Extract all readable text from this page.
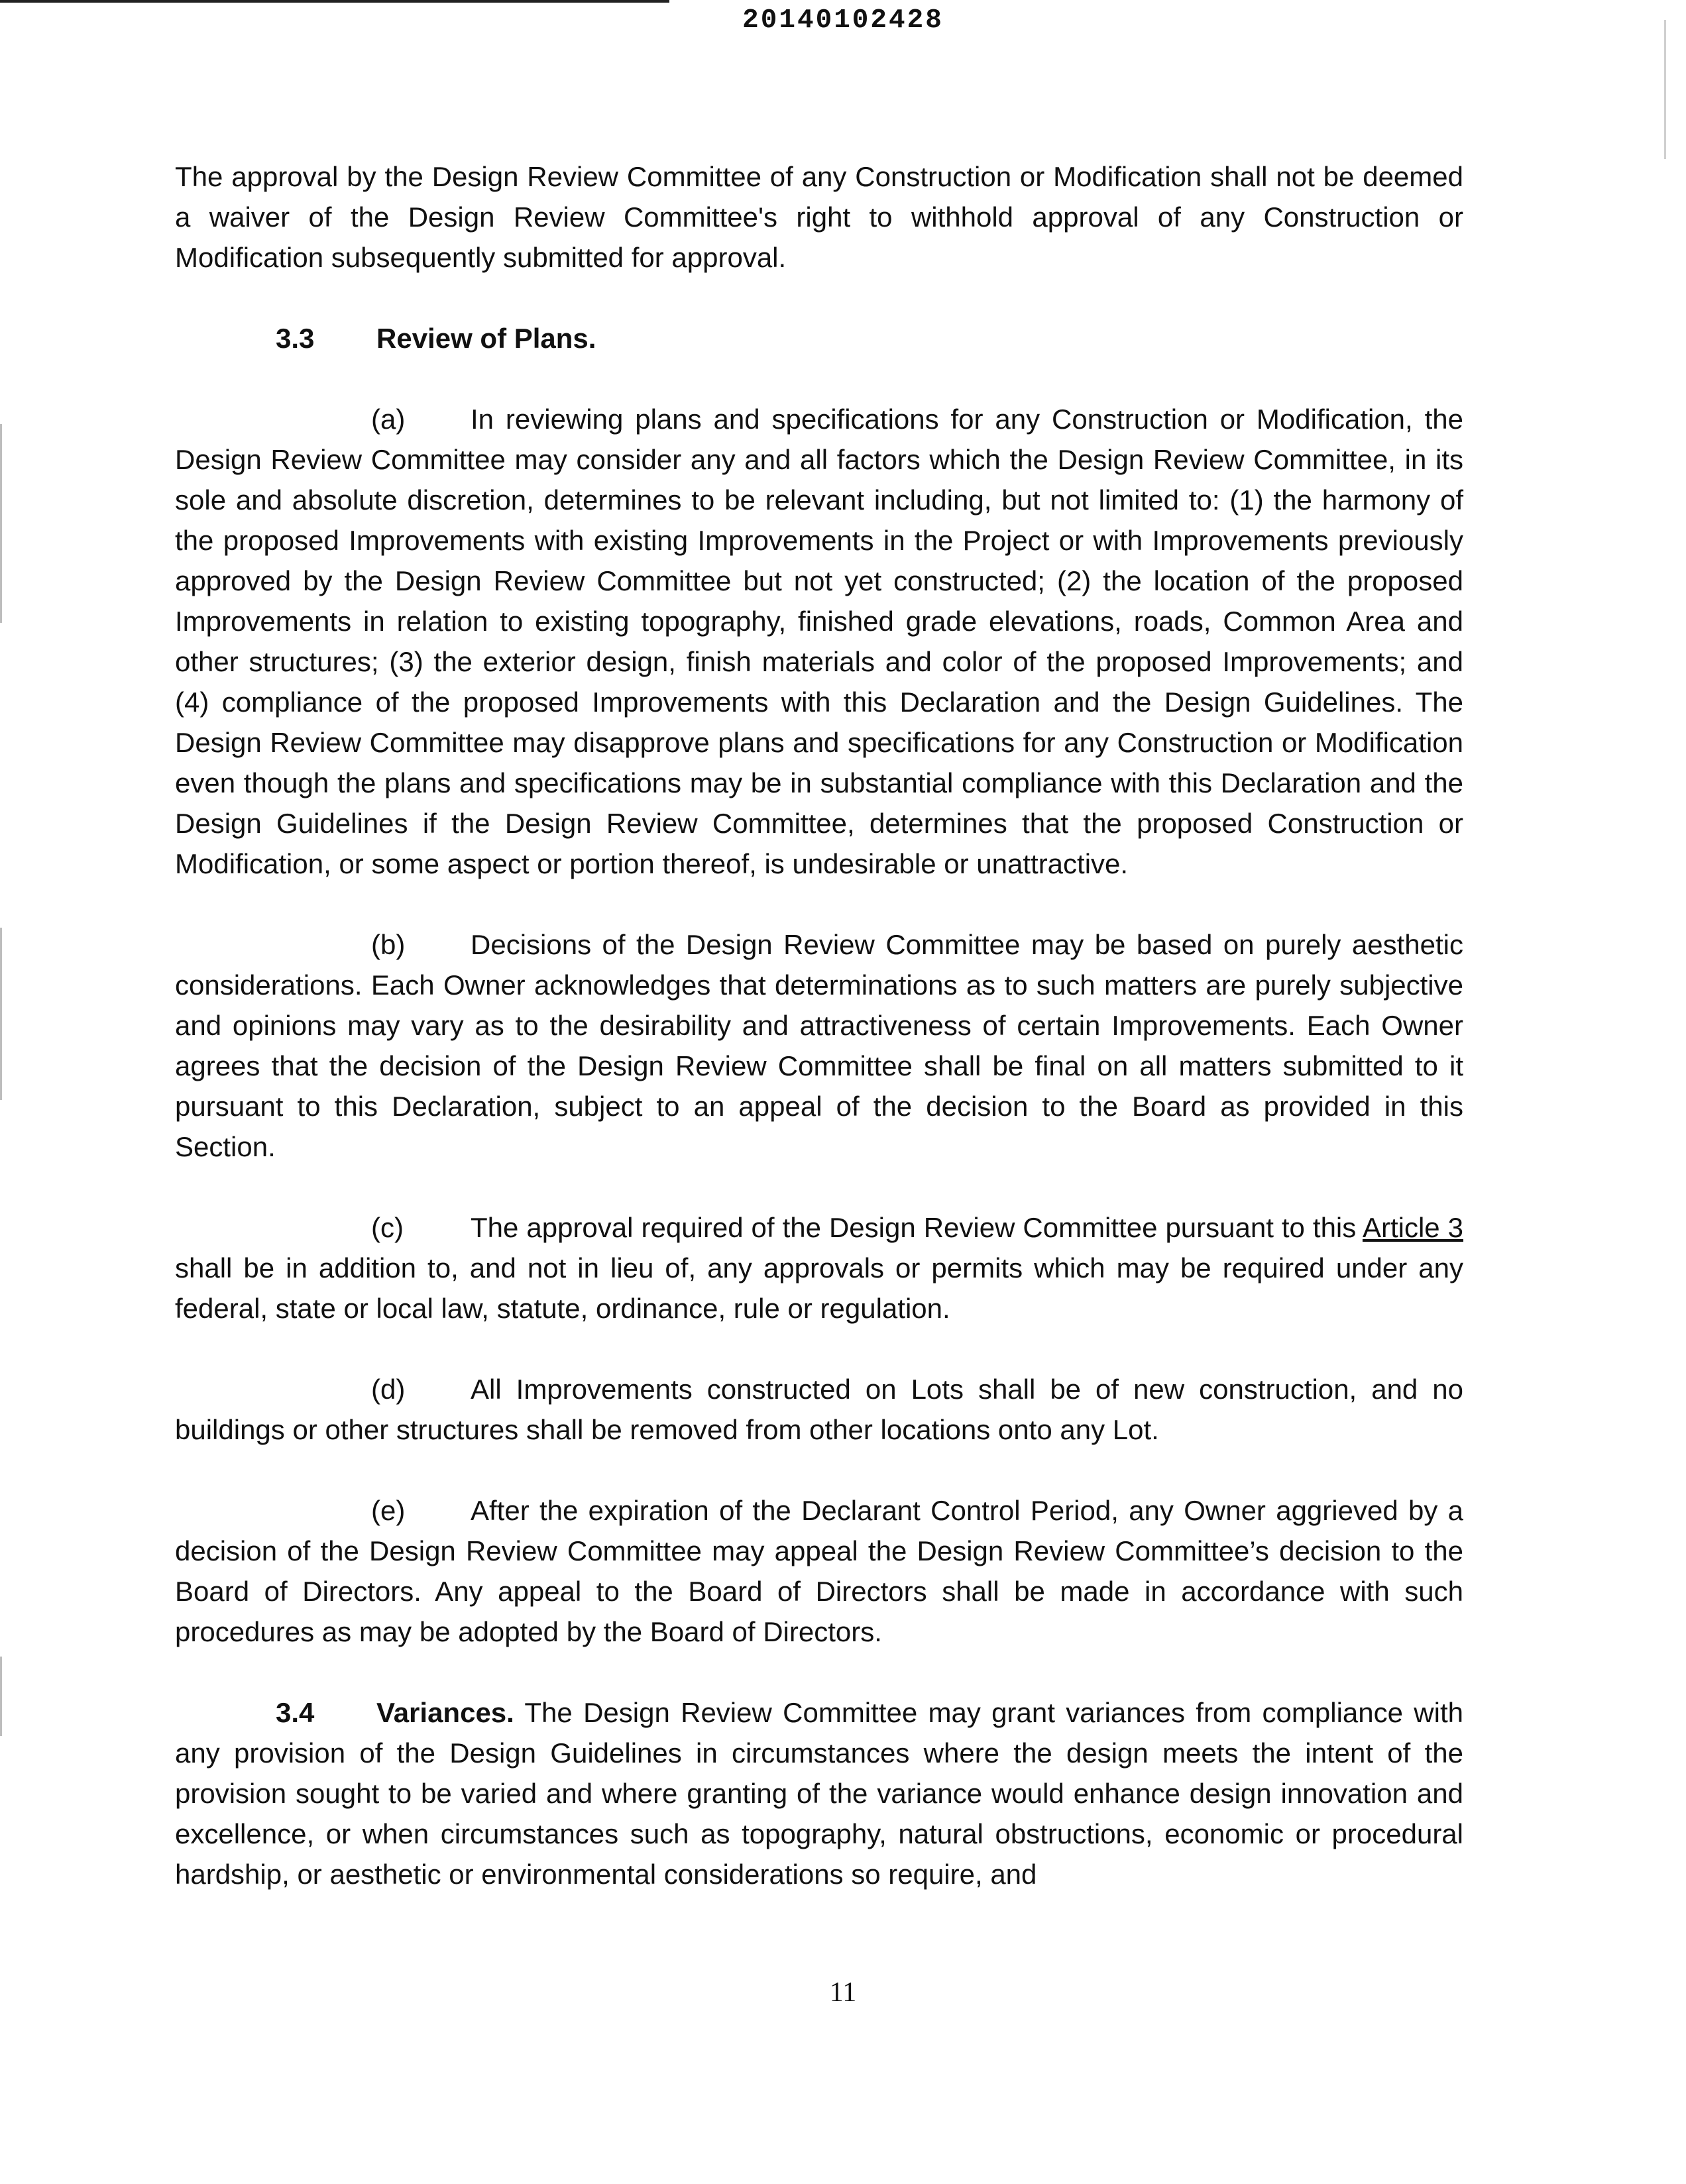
20140102428

The approval by the Design Review Committee of any Construction or Modification shall not be deemed a waiver of the Design Review Committee's right to withhold approval of any Construction or Modification subsequently submitted for approval.

3.3 Review of Plans.

(a) In reviewing plans and specifications for any Construction or Modification, the Design Review Committee may consider any and all factors which the Design Review Committee, in its sole and absolute discretion, determines to be relevant including, but not limited to: (1) the harmony of the proposed Improvements with existing Improvements in the Project or with Improvements previously approved by the Design Review Committee but not yet constructed; (2) the location of the proposed Improvements in relation to existing topography, finished grade elevations, roads, Common Area and other structures; (3) the exterior design, finish materials and color of the proposed Improvements; and (4) compliance of the proposed Improvements with this Declaration and the Design Guidelines. The Design Review Committee may disapprove plans and specifications for any Construction or Modification even though the plans and specifications may be in substantial compliance with this Declaration and the Design Guidelines if the Design Review Committee, determines that the proposed Construction or Modification, or some aspect or portion thereof, is undesirable or unattractive.

(b) Decisions of the Design Review Committee may be based on purely aesthetic considerations. Each Owner acknowledges that determinations as to such matters are purely subjective and opinions may vary as to the desirability and attractiveness of certain Improvements. Each Owner agrees that the decision of the Design Review Committee shall be final on all matters submitted to it pursuant to this Declaration, subject to an appeal of the decision to the Board as provided in this Section.

(c) The approval required of the Design Review Committee pursuant to this Article 3 shall be in addition to, and not in lieu of, any approvals or permits which may be required under any federal, state or local law, statute, ordinance, rule or regulation.

(d) All Improvements constructed on Lots shall be of new construction, and no buildings or other structures shall be removed from other locations onto any Lot.

(e) After the expiration of the Declarant Control Period, any Owner aggrieved by a decision of the Design Review Committee may appeal the Design Review Committee’s decision to the Board of Directors. Any appeal to the Board of Directors shall be made in accordance with such procedures as may be adopted by the Board of Directors.

3.4 Variances. The Design Review Committee may grant variances from compliance with any provision of the Design Guidelines in circumstances where the design meets the intent of the provision sought to be varied and where granting of the variance would enhance design innovation and excellence, or when circumstances such as topography, natural obstructions, economic or procedural hardship, or aesthetic or environmental considerations so require, and

11
